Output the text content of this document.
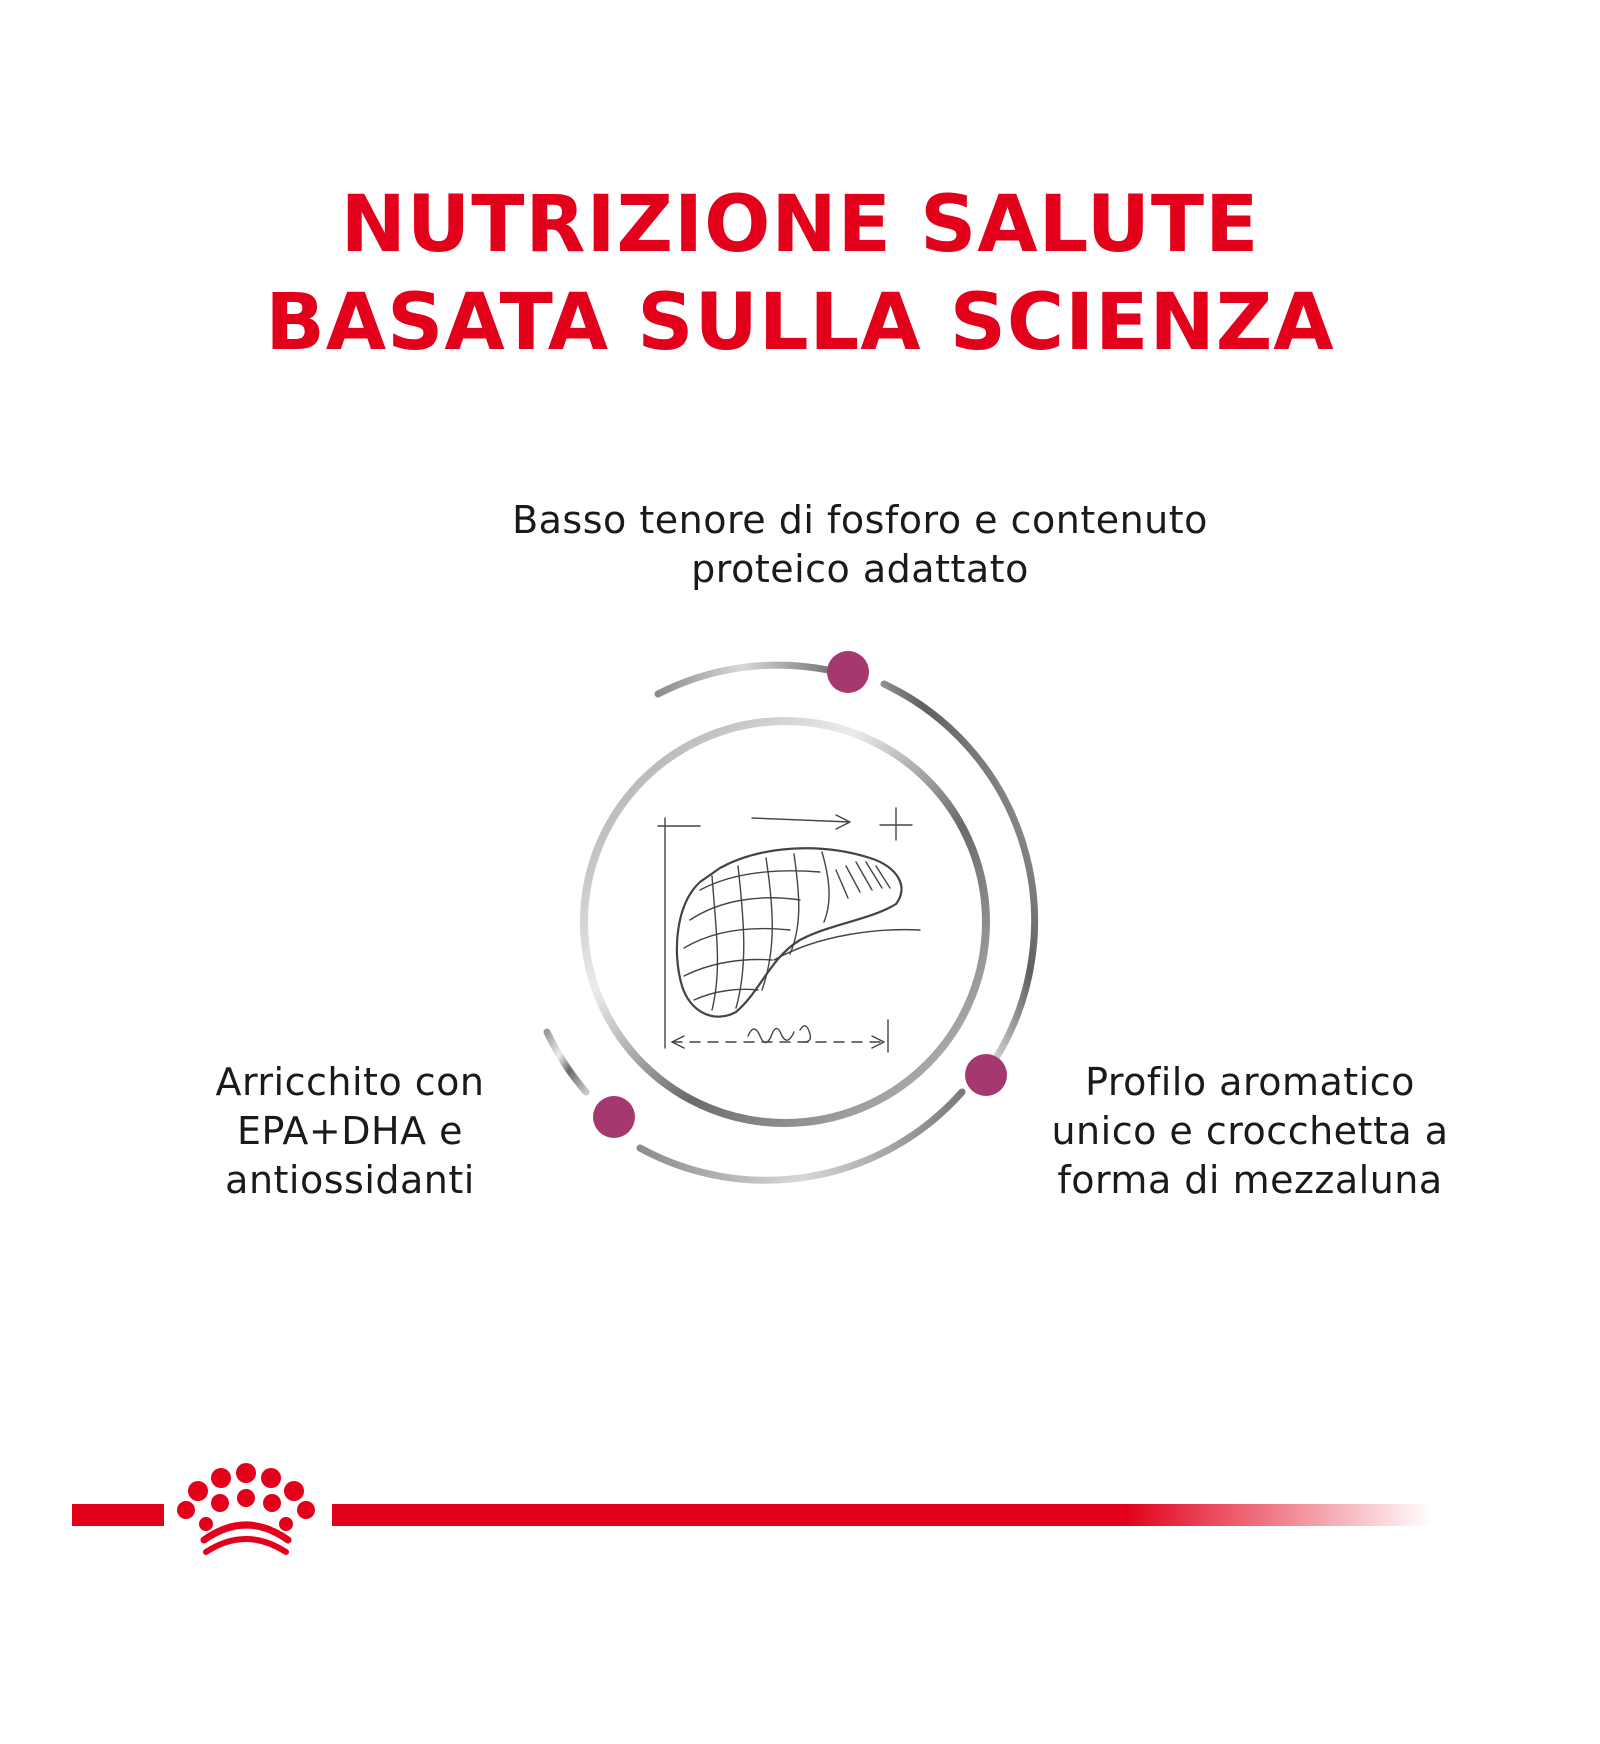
NUTRIZIONE SALUTE
BASATA SULLA SCIENZA
Basso tenore di fosforo e contenuto
proteico adattato
Arricchito con
EPA+DHA e
antiossidanti
Profilo aromatico
unico e crocchetta a
forma di mezzaluna
